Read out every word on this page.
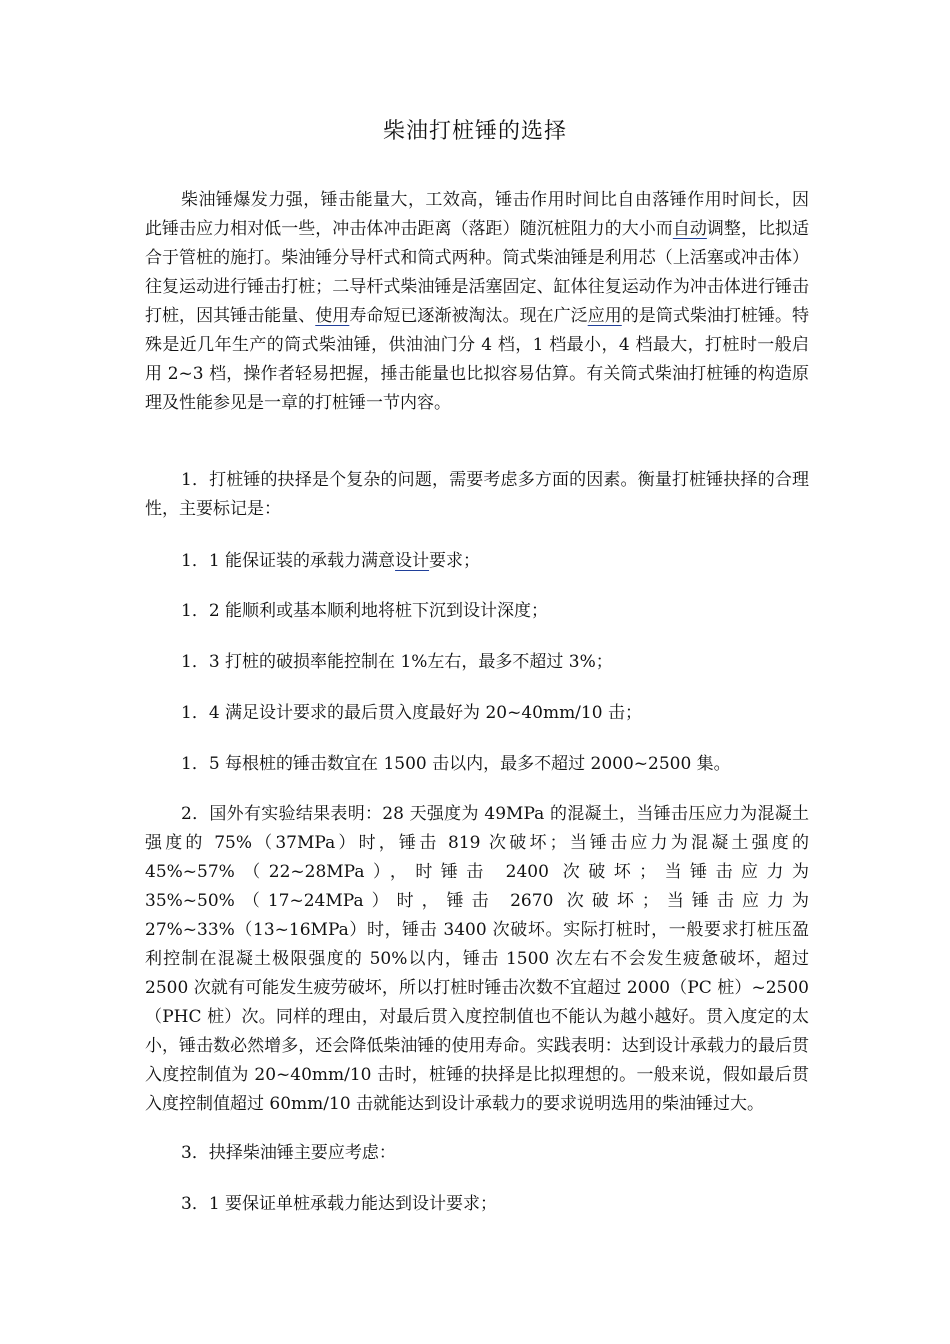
柴油打桩锤的选择
柴油锤爆发力强，锤击能量大，工效高，锤击作用时间比自由落锤作用时间长，因此锤击应力相对低一些，冲击体冲击距离（落距）随沉桩阻力的大小而自动调整，比拟适合于管桩的施打。柴油锤分导杆式和筒式两种。筒式柴油锤是利用芯（上活塞或冲击体）往复运动进行锤击打桩；二导杆式柴油锤是活塞固定、缸体往复运动作为冲击体进行锤击打桩，因其锤击能量、使用寿命短已逐渐被淘汰。现在广泛应用的是筒式柴油打桩锤。特殊是近几年生产的筒式柴油锤，供油油门分 4 档，1 档最小，4 档最大，打桩时一般启用 2~3 档，操作者轻易把握，捶击能量也比拟容易估算。有关筒式柴油打桩锤的构造原理及性能参见是一章的打桩锤一节内容。
1．打桩锤的抉择是个复杂的问题，需要考虑多方面的因素。衡量打桩锤抉择的合理性，主要标记是：
1．1 能保证装的承载力满意设计要求；
1．2 能顺利或基本顺利地将桩下沉到设计深度；
1．3 打桩的破损率能控制在 1%左右，最多不超过 3%；
1．4 满足设计要求的最后贯入度最好为 20~40mm/10 击；
1．5 每根桩的锤击数宜在 1500 击以内，最多不超过 2000~2500 集。
2．国外有实验结果表明：28 天强度为 49MPa 的混凝土，当锤击压应力为混凝土强度的 75%（37MPa）时，锤击 819 次破坏；当锤击应力为混凝土强度的 45%~57%（22~28MPa），时锤击 2400 次破坏；当锤击应力为 35%~50%（17~24MPa）时，锤击 2670 次破坏；当锤击应力为 27%~33%（13~16MPa）时，锤击 3400 次破坏。实际打桩时，一般要求打桩压盈利控制在混凝土极限强度的 50%以内，锤击 1500 次左右不会发生疲惫破坏，超过 2500 次就有可能发生疲劳破坏，所以打桩时锤击次数不宜超过 2000（PC 桩）~2500（PHC 桩）次。同样的理由，对最后贯入度控制值也不能认为越小越好。贯入度定的太小，锤击数必然增多，还会降低柴油锤的使用寿命。实践表明：达到设计承载力的最后贯入度控制值为 20~40mm/10 击时，桩锤的抉择是比拟理想的。一般来说，假如最后贯入度控制值超过 60mm/10 击就能达到设计承载力的要求说明选用的柴油锤过大。
3．抉择柴油锤主要应考虑：
3．1 要保证单桩承载力能达到设计要求；
